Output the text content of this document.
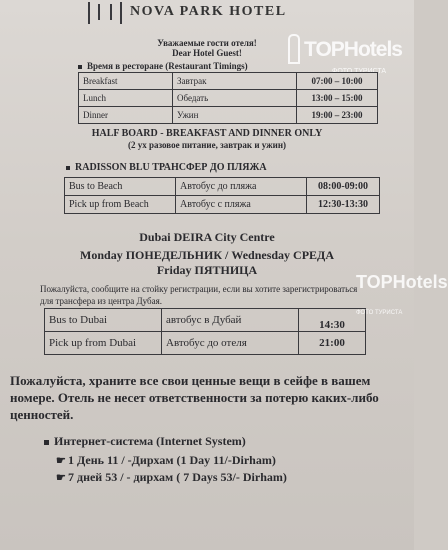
NOVA PARK HOTEL
TOPHotels
ФОТО ТУРИСТА
Уважаемые гости отеля!
Dear Hotel Guest!
Время в ресторане (Restaurant Timings)
Breakfast	Завтрак	07:00 – 10:00
Lunch	Обедать	13:00 – 15:00
Dinner	Ужин	19:00 – 23:00
HALF BOARD - BREAKFAST AND DINNER ONLY
(2 ух разовое питание, завтрак и ужин)
RADISSON BLU ТРАНСФЕР ДО ПЛЯЖА
Bus to Beach	Автобус до пляжа	08:00-09:00
Pick up from Beach	Автобус с пляжа	12:30-13:30
Dubai DEIRA City Centre
Monday ПОНЕДЕЛЬНИК / Wednesday СРЕДА
Friday ПЯТНИЦА
Пожалуйста, сообщите на стойку регистрации, если вы хотите зарегистрироваться для трансфера из центра Дубая.
Bus to Dubai	автобус в Дубай	14:30
Pick up from Dubai	Автобус до отеля	21:00
TOPHotels
ФОТО ТУРИСТА
Пожалуйста, храните все свои ценные вещи в сейфе в вашем номере. Отель не несет ответственности за потерю каких-либо ценностей.
Интернет-система (Internet System)
☛ 1 День 11 / -Дирхам (1 Day 11/-Dirham)
☛ 7 дней 53 / - дирхам ( 7 Days 53/- Dirham)
